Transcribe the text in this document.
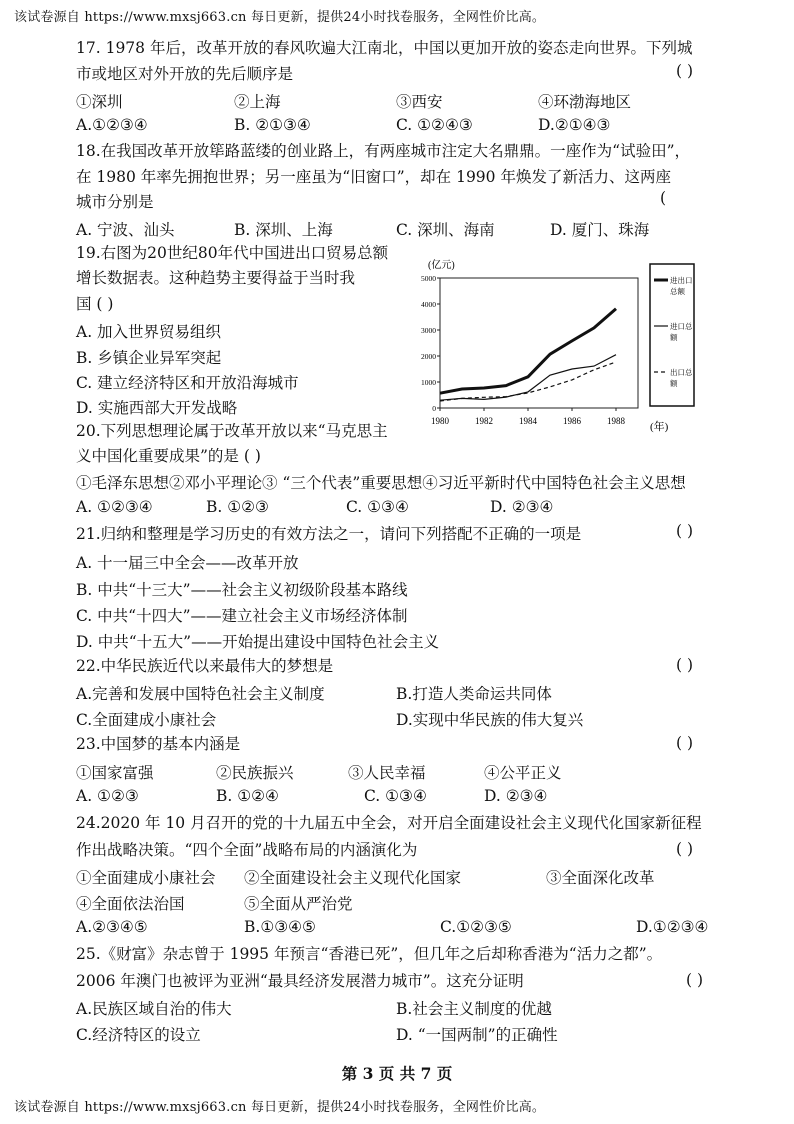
该试卷源自 https://www.mxsj663.cn 每日更新，提供24小时找卷服务，全网性价比高。
17. 1978 年后，改革开放的春风吹遍大江南北，中国以更加开放的姿态走向世界。下列城
市或地区对外开放的先后顺序是	( )
①深圳	②上海	③西安	④环渤海地区
A.①②③④	B. ②①③④	C. ①②④③	D.②①④③
18.在我国改革开放筚路蓝缕的创业路上，有两座城市注定大名鼎鼎。一座作为“试验田”，
在 1980 年率先拥抱世界；另一座虽为“旧窗口”，却在 1990 年焕发了新活力、这两座
城市分别是	(
A. 宁波、汕头	B. 深圳、上海	C. 深圳、海南	D. 厦门、珠海
19.右图为20世纪80年代中国进出口贸易总额
增长数据表。这种趋势主要得益于当时我
国 ( )
A. 加入世界贸易组织
B. 乡镇企业异军突起
C. 建立经济特区和开放沿海城市
D. 实施西部大开发战略
(亿元)
(年)
0
1000
2000
3000
4000
5000
1980	1982	1984	1986	1988
进出口
总额
进口总
额
出口总
额
20.下列思想理论属于改革开放以来“马克思主
义中国化重要成果”的是 ( )
①毛泽东思想②邓小平理论③ “三个代表”重要思想④习近平新时代中国特色社会主义思想
A. ①②③④	B. ①②③	C. ①③④	D. ②③④
21.归纳和整理是学习历史的有效方法之一，请问下列搭配不正确的一项是	( )
A. 十一届三中全会——改革开放
B. 中共“十三大”——社会主义初级阶段基本路线
C. 中共“十四大”——建立社会主义市场经济体制
D. 中共“十五大”——开始提出建设中国特色社会主义
22.中华民族近代以来最伟大的梦想是	( )
A.完善和发展中国特色社会主义制度	B.打造人类命运共同体
C.全面建成小康社会	D.实现中华民族的伟大复兴
23.中国梦的基本内涵是	( )
①国家富强	②民族振兴	③人民幸福	④公平正义
A. ①②③	B. ①②④	C. ①③④	D. ②③④
24.2020 年 10 月召开的党的十九届五中全会，对开启全面建设社会主义现代化国家新征程
作出战略决策。“四个全面”战略布局的内涵演化为	( )
①全面建成小康社会 ②全面建设社会主义现代化国家	③全面深化改革
④全面依法治国	⑤全面从严治党
A.②③④⑤	B.①③④⑤	C.①②③⑤	D.①②③④
25.《财富》杂志曾于 1995 年预言“香港已死”，但几年之后却称香港为“活力之都”。
2006 年澳门也被评为亚洲“最具经济发展潜力城市”。这充分证明	( )
A.民族区域自治的伟大	B.社会主义制度的优越
C.经济特区的设立	D. “一国两制”的正确性
第 3 页 共 7 页
该试卷源自 https://www.mxsj663.cn 每日更新，提供24小时找卷服务，全网性价比高。
